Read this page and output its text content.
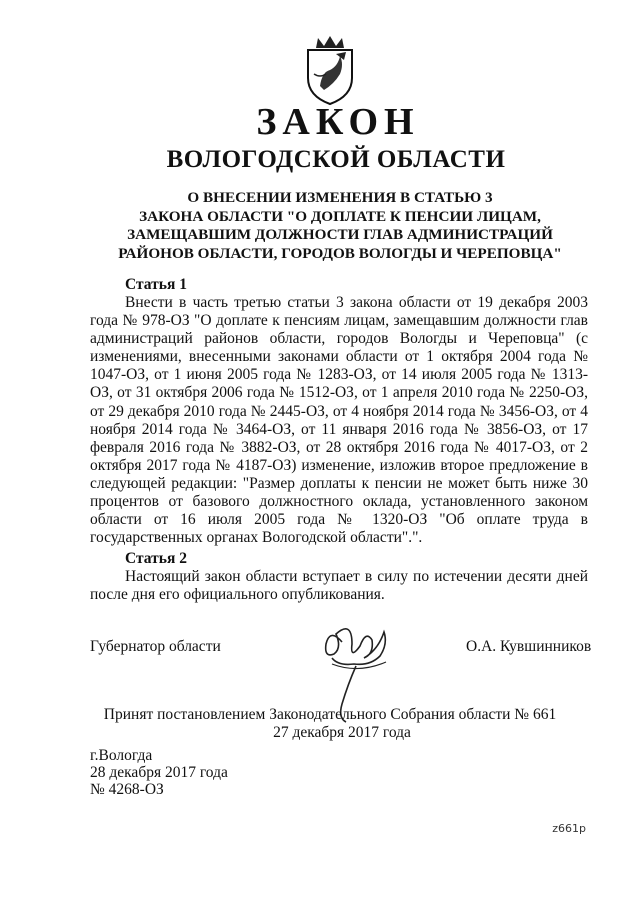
ЗАКОН
ВОЛОГОДСКОЙ ОБЛАСТИ
О ВНЕСЕНИИ ИЗМЕНЕНИЯ В СТАТЬЮ 3
ЗАКОНА ОБЛАСТИ "О ДОПЛАТЕ К ПЕНСИИ ЛИЦАМ,
ЗАМЕЩАВШИМ ДОЛЖНОСТИ ГЛАВ АДМИНИСТРАЦИЙ
РАЙОНОВ ОБЛАСТИ, ГОРОДОВ ВОЛОГДЫ И ЧЕРЕПОВЦА"
Статья 1
Внести в часть третью статьи 3 закона области от 19 декабря 2003 года № 978-ОЗ "О доплате к пенсиям лицам, замещавшим должности глав администраций районов области, городов Вологды и Череповца" (с изменениями, внесенными законами области от 1 октября 2004 года № 1047-ОЗ, от 1 июня 2005 года № 1283-ОЗ, от 14 июля 2005 года № 1313-ОЗ, от 31 октября 2006 года № 1512-ОЗ, от 1 апреля 2010 года № 2250-ОЗ, от 29 декабря 2010 года № 2445-ОЗ, от 4 ноября 2014 года № 3456-ОЗ, от 4 ноября 2014 года № 3464-ОЗ, от 11 января 2016 года № 3856-ОЗ, от 17 февраля 2016 года № 3882-ОЗ, от 28 октября 2016 года № 4017-ОЗ, от 2 октября 2017 года № 4187-ОЗ) изменение, изложив второе предложение в следующей редакции: "Размер доплаты к пенсии не может быть ниже 30 процентов от базового должностного оклада, установленного законом области от 16 июля 2005 года № 1320-ОЗ "Об оплате труда в государственных органах Вологодской области".".
Статья 2
Настоящий закон области вступает в силу по истечении десяти дней после дня его официального опубликования.
Губернатор области	О.А. Кувшинников
Принят постановлением Законодательного Собрания области № 661
27 декабря 2017 года
г.Вологда
28 декабря 2017 года
№ 4268-ОЗ
z661p
